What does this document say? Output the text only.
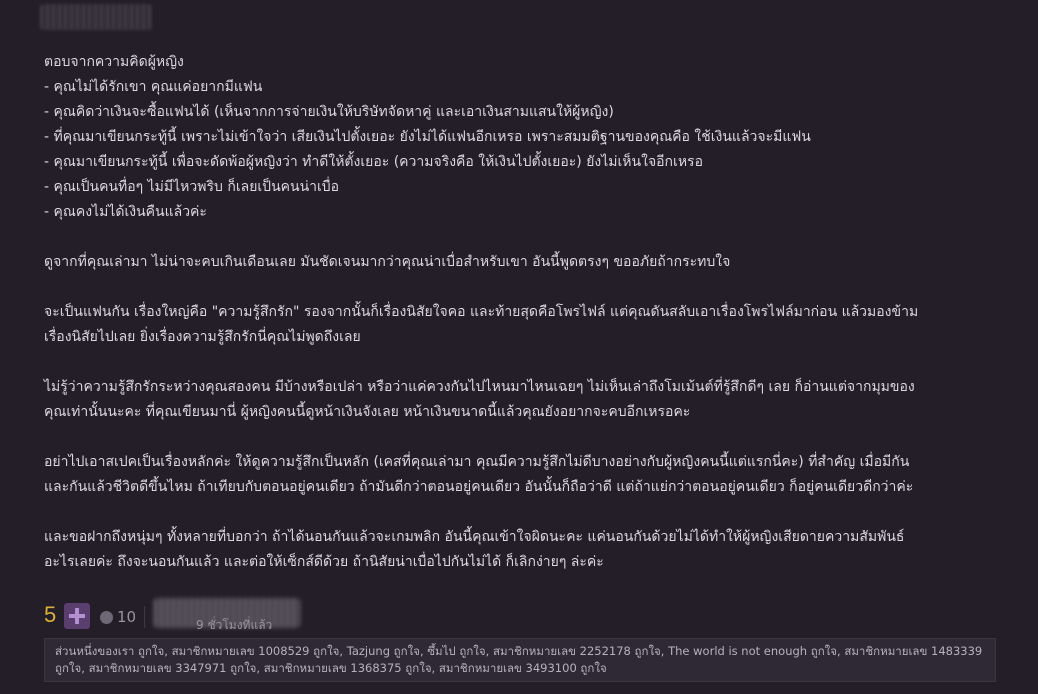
ตอบจากความคิดผู้หญิง
- คุณไม่ได้รักเขา คุณแค่อยากมีแฟน
- คุณคิดว่าเงินจะซื้อแฟนได้ (เห็นจากการจ่ายเงินให้บริษัทจัดหาคู่ และเอาเงินสามแสนให้ผู้หญิง)
- ที่คุณมาเขียนกระทู้นี้ เพราะไม่เข้าใจว่า เสียเงินไปตั้งเยอะ ยังไม่ได้แฟนอีกเหรอ เพราะสมมติฐานของคุณคือ ใช้เงินแล้วจะมีแฟน
- คุณมาเขียนกระทู้นี้ เพื่อจะดัดพ้อผู้หญิงว่า ทำดีให้ตั้งเยอะ (ความจริงคือ ให้เงินไปตั้งเยอะ) ยังไม่เห็นใจอีกเหรอ
- คุณเป็นคนทื่อๆ ไม่มีไหวพริบ ก็เลยเป็นคนน่าเบื่อ
- คุณคงไม่ได้เงินคืนแล้วค่ะ

ดูจากที่คุณเล่ามา ไม่น่าจะคบเกินเดือนเลย มันชัดเจนมากว่าคุณน่าเบื่อสำหรับเขา อันนี้พูดตรงๆ ขออภัยถ้ากระทบใจ

จะเป็นแฟนกัน เรื่องใหญ่คือ "ความรู้สึกรัก" รองจากนั้นก็เรื่องนิสัยใจคอ และท้ายสุดคือโพรไฟล์ แต่คุณดันสลับเอาเรื่องโพรไฟล์มาก่อน แล้วมองข้าม
เรื่องนิสัยไปเลย ยิ่งเรื่องความรู้สึกรักนี่คุณไม่พูดถึงเลย

ไม่รู้ว่าความรู้สึกรักระหว่างคุณสองคน มีบ้างหรือเปล่า หรือว่าแค่ควงกันไปไหนมาไหนเฉยๆ ไม่เห็นเล่าถึงโมเม้นต์ที่รู้สึกดีๆ เลย ก็อ่านแต่จากมุมของ
คุณเท่านั้นนะคะ ที่คุณเขียนมานี่ ผู้หญิงคนนี้ดูหน้าเงินจังเลย หน้าเงินขนาดนี้แล้วคุณยังอยากจะคบอีกเหรอคะ

อย่าไปเอาสเปคเป็นเรื่องหลักค่ะ ให้ดูความรู้สึกเป็นหลัก (เคสที่คุณเล่ามา คุณมีความรู้สึกไม่ดีบางอย่างกับผู้หญิงคนนี้แต่แรกนี่คะ) ที่สำคัญ เมื่อมีกัน
และกันแล้วชีวิตดีขึ้นไหม ถ้าเทียบกับตอนอยู่คนเดียว ถ้ามันดีกว่าตอนอยู่คนเดียว อันนั้นก็ถือว่าดี แต่ถ้าแย่กว่าตอนอยู่คนเดียว ก็อยู่คนเดียวดีกว่าค่ะ

และขอฝากถึงหนุ่มๆ ทั้งหลายที่บอกว่า ถ้าได้นอนกันแล้วจะเกมพลิก อันนี้คุณเข้าใจผิดนะคะ แค่นอนกันด้วยไม่ได้ทำให้ผู้หญิงเสียดายความสัมพันธ์
อะไรเลยค่ะ ถึงจะนอนกันแล้ว และต่อให้เซ็กส์ดีด้วย ถ้านิสัยน่าเบื่อไปกันไม่ได้ ก็เลิกง่ายๆ ล่ะค่ะ

5	10	9 ชั่วโมงที่แล้ว
ส่วนหนึ่งของเรา ถูกใจ, สมาชิกหมายเลข 1008529 ถูกใจ, Tazjung ถูกใจ, ซึ้มไป ถูกใจ, สมาชิกหมายเลข 2252178 ถูกใจ, The world is not enough ถูกใจ, สมาชิกหมายเลข 1483339 ถูกใจ, สมาชิกหมายเลข 3347971 ถูกใจ, สมาชิกหมายเลข 1368375 ถูกใจ, สมาชิกหมายเลข 3493100 ถูกใจ
